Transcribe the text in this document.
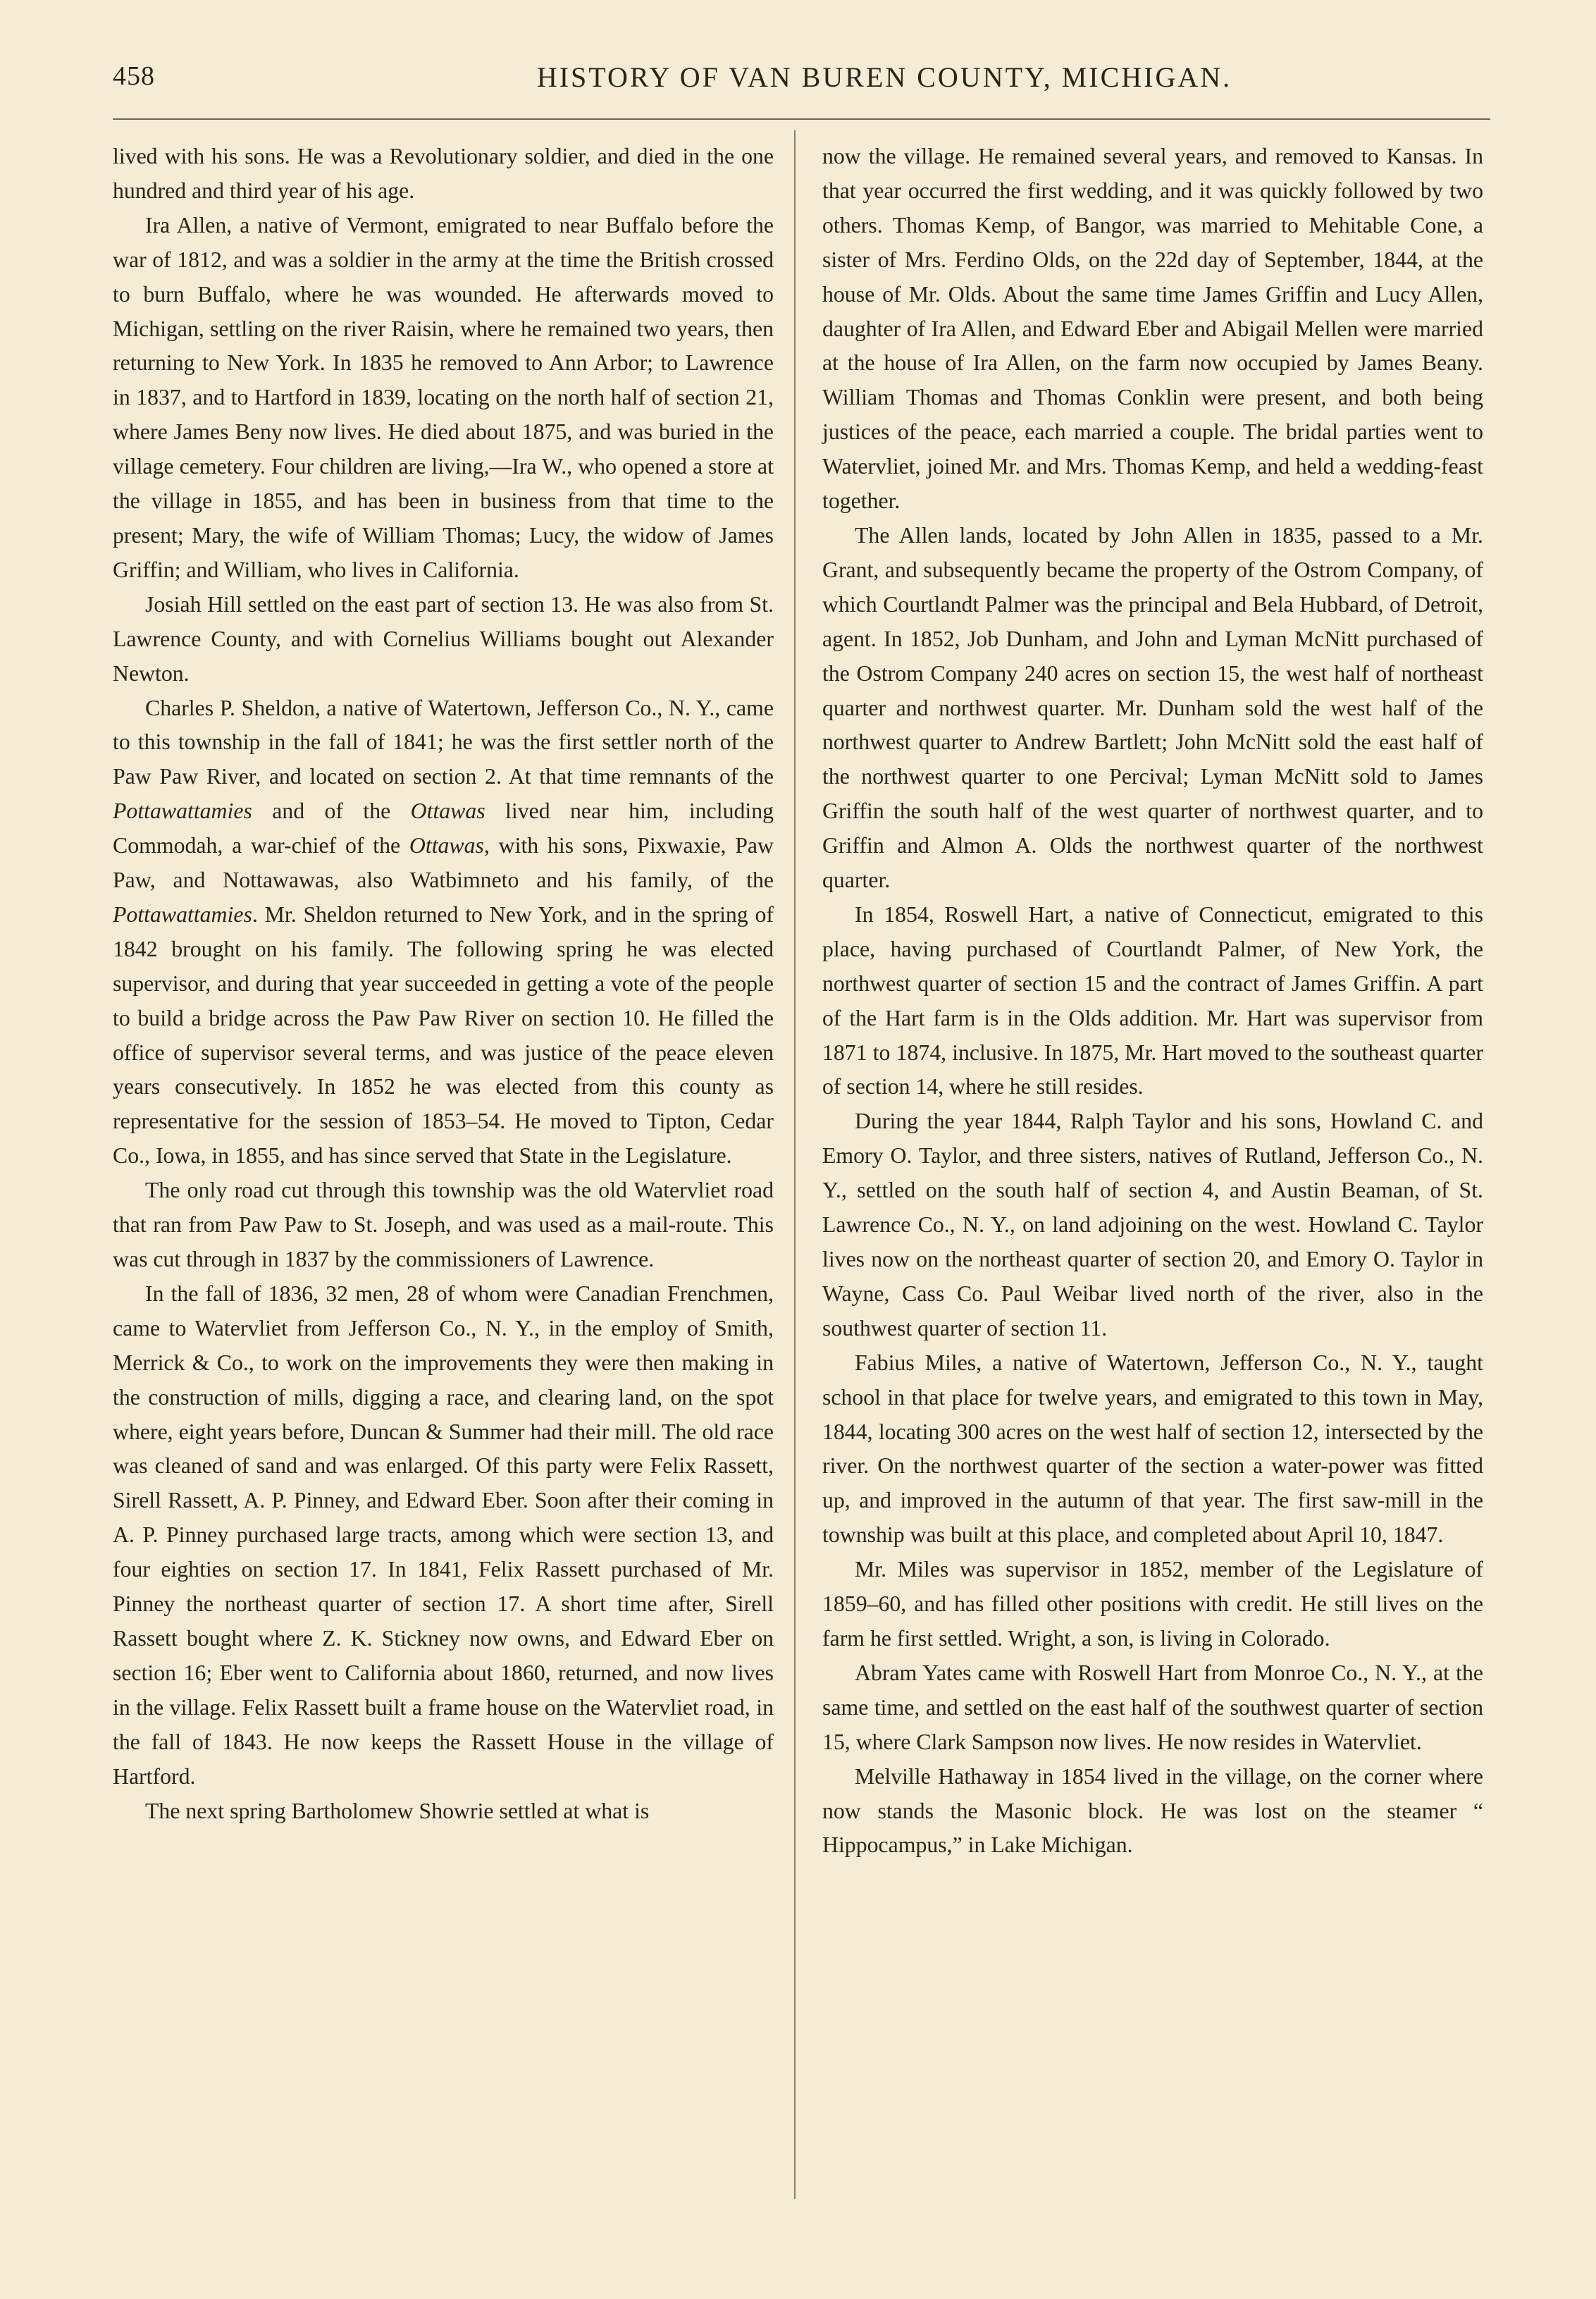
458	HISTORY OF VAN BUREN COUNTY, MICHIGAN.

lived with his sons. He was a Revolutionary soldier, and died in the one hundred and third year of his age.

Ira Allen, a native of Vermont, emigrated to near Buffalo before the war of 1812, and was a soldier in the army at the time the British crossed to burn Buffalo, where he was wounded. He afterwards moved to Michigan, settling on the river Raisin, where he remained two years, then returning to New York. In 1835 he removed to Ann Arbor; to Lawrence in 1837, and to Hartford in 1839, locating on the north half of section 21, where James Beny now lives. He died about 1875, and was buried in the village cemetery. Four children are living,—Ira W., who opened a store at the village in 1855, and has been in business from that time to the present; Mary, the wife of William Thomas; Lucy, the widow of James Griffin; and William, who lives in California.

Josiah Hill settled on the east part of section 13. He was also from St. Lawrence County, and with Cornelius Williams bought out Alexander Newton.

Charles P. Sheldon, a native of Watertown, Jefferson Co., N. Y., came to this township in the fall of 1841; he was the first settler north of the Paw Paw River, and located on section 2. At that time remnants of the Pottawattamies and of the Ottawas lived near him, including Commodah, a war-chief of the Ottawas, with his sons, Pixwaxie, Paw Paw, and Nottawawas, also Watbimneto and his family, of the Pottawattamies. Mr. Sheldon returned to New York, and in the spring of 1842 brought on his family. The following spring he was elected supervisor, and during that year succeeded in getting a vote of the people to build a bridge across the Paw Paw River on section 10. He filled the office of supervisor several terms, and was justice of the peace eleven years consecutively. In 1852 he was elected from this county as representative for the session of 1853–54. He moved to Tipton, Cedar Co., Iowa, in 1855, and has since served that State in the Legislature.

The only road cut through this township was the old Watervliet road that ran from Paw Paw to St. Joseph, and was used as a mail-route. This was cut through in 1837 by the commissioners of Lawrence.

In the fall of 1836, 32 men, 28 of whom were Canadian Frenchmen, came to Watervliet from Jefferson Co., N. Y., in the employ of Smith, Merrick & Co., to work on the improvements they were then making in the construction of mills, digging a race, and clearing land, on the spot where, eight years before, Duncan & Summer had their mill. The old race was cleaned of sand and was enlarged. Of this party were Felix Rassett, Sirell Rassett, A. P. Pinney, and Edward Eber. Soon after their coming in A. P. Pinney purchased large tracts, among which were section 13, and four eighties on section 17. In 1841, Felix Rassett purchased of Mr. Pinney the northeast quarter of section 17. A short time after, Sirell Rassett bought where Z. K. Stickney now owns, and Edward Eber on section 16; Eber went to California about 1860, returned, and now lives in the village. Felix Rassett built a frame house on the Watervliet road, in the fall of 1843. He now keeps the Rassett House in the village of Hartford.

The next spring Bartholomew Showrie settled at what is

now the village. He remained several years, and removed to Kansas. In that year occurred the first wedding, and it was quickly followed by two others. Thomas Kemp, of Bangor, was married to Mehitable Cone, a sister of Mrs. Ferdino Olds, on the 22d day of September, 1844, at the house of Mr. Olds. About the same time James Griffin and Lucy Allen, daughter of Ira Allen, and Edward Eber and Abigail Mellen were married at the house of Ira Allen, on the farm now occupied by James Beany. William Thomas and Thomas Conklin were present, and both being justices of the peace, each married a couple. The bridal parties went to Watervliet, joined Mr. and Mrs. Thomas Kemp, and held a wedding-feast together.

The Allen lands, located by John Allen in 1835, passed to a Mr. Grant, and subsequently became the property of the Ostrom Company, of which Courtlandt Palmer was the principal and Bela Hubbard, of Detroit, agent. In 1852, Job Dunham, and John and Lyman McNitt purchased of the Ostrom Company 240 acres on section 15, the west half of northeast quarter and northwest quarter. Mr. Dunham sold the west half of the northwest quarter to Andrew Bartlett; John McNitt sold the east half of the northwest quarter to one Percival; Lyman McNitt sold to James Griffin the south half of the west quarter of northwest quarter, and to Griffin and Almon A. Olds the northwest quarter of the northwest quarter.

In 1854, Roswell Hart, a native of Connecticut, emigrated to this place, having purchased of Courtlandt Palmer, of New York, the northwest quarter of section 15 and the contract of James Griffin. A part of the Hart farm is in the Olds addition. Mr. Hart was supervisor from 1871 to 1874, inclusive. In 1875, Mr. Hart moved to the southeast quarter of section 14, where he still resides.

During the year 1844, Ralph Taylor and his sons, Howland C. and Emory O. Taylor, and three sisters, natives of Rutland, Jefferson Co., N. Y., settled on the south half of section 4, and Austin Beaman, of St. Lawrence Co., N. Y., on land adjoining on the west. Howland C. Taylor lives now on the northeast quarter of section 20, and Emory O. Taylor in Wayne, Cass Co. Paul Weibar lived north of the river, also in the southwest quarter of section 11.

Fabius Miles, a native of Watertown, Jefferson Co., N. Y., taught school in that place for twelve years, and emigrated to this town in May, 1844, locating 300 acres on the west half of section 12, intersected by the river. On the northwest quarter of the section a water-power was fitted up, and improved in the autumn of that year. The first saw-mill in the township was built at this place, and completed about April 10, 1847.

Mr. Miles was supervisor in 1852, member of the Legislature of 1859–60, and has filled other positions with credit. He still lives on the farm he first settled. Wright, a son, is living in Colorado.

Abram Yates came with Roswell Hart from Monroe Co., N. Y., at the same time, and settled on the east half of the southwest quarter of section 15, where Clark Sampson now lives. He now resides in Watervliet.

Melville Hathaway in 1854 lived in the village, on the corner where now stands the Masonic block. He was lost on the steamer “ Hippocampus,” in Lake Michigan.
